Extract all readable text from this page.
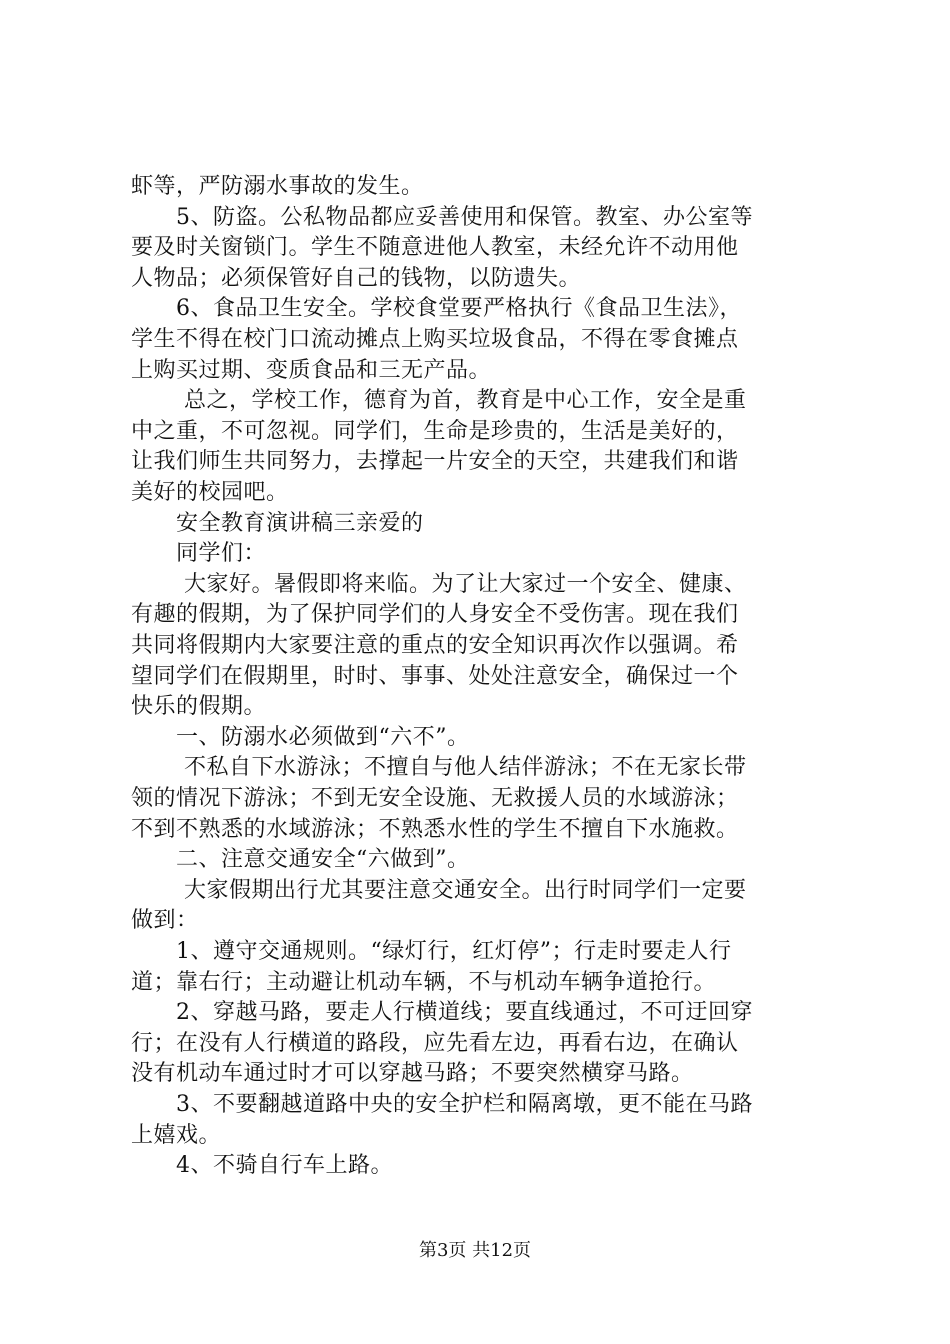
虾等，严防溺水事故的发生。
5、防盗。公私物品都应妥善使用和保管。教室、办公室等
要及时关窗锁门。学生不随意进他人教室，未经允许不动用他
人物品；必须保管好自己的钱物，以防遗失。
6、食品卫生安全。学校食堂要严格执行《食品卫生法》，
学生不得在校门口流动摊点上购买垃圾食品，不得在零食摊点
上购买过期、变质食品和三无产品。
总之，学校工作，德育为首，教育是中心工作，安全是重
中之重，不可忽视。同学们，生命是珍贵的，生活是美好的，
让我们师生共同努力，去撑起一片安全的天空，共建我们和谐
美好的校园吧。
安全教育演讲稿三亲爱的
同学们：
大家好。暑假即将来临。为了让大家过一个安全、健康、
有趣的假期，为了保护同学们的人身安全不受伤害。现在我们
共同将假期内大家要注意的重点的安全知识再次作以强调。希
望同学们在假期里，时时、事事、处处注意安全，确保过一个
快乐的假期。
一、防溺水必须做到“六不”。
不私自下水游泳；不擅自与他人结伴游泳；不在无家长带
领的情况下游泳；不到无安全设施、无救援人员的水域游泳；
不到不熟悉的水域游泳；不熟悉水性的学生不擅自下水施救。
二、注意交通安全“六做到”。
大家假期出行尤其要注意交通安全。出行时同学们一定要
做到：
1、遵守交通规则。“绿灯行，红灯停”；行走时要走人行
道；靠右行；主动避让机动车辆，不与机动车辆争道抢行。
2、穿越马路，要走人行横道线；要直线通过，不可迂回穿
行；在没有人行横道的路段，应先看左边，再看右边，在确认
没有机动车通过时才可以穿越马路；不要突然横穿马路。
3、不要翻越道路中央的安全护栏和隔离墩，更不能在马路
上嬉戏。
4、不骑自行车上路。
第3页 共12页
